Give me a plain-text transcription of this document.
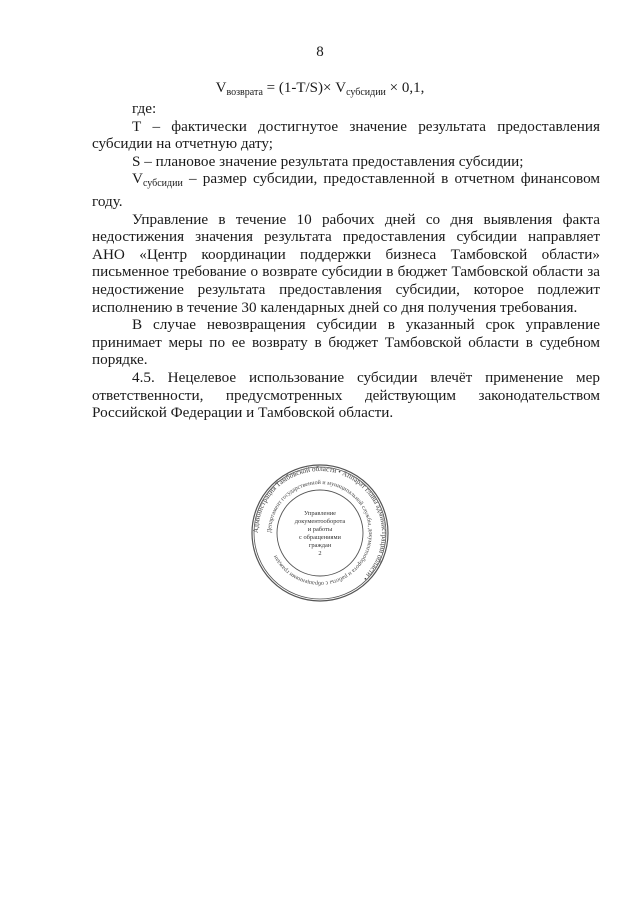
8
$V_{возврата} = (1-T/S)\times V_{субсидии} \times 0,1$,

где:

Т – фактически достигнутое значение результата предоставления субсидии на отчетную дату;

S – плановое значение результата предоставления субсидии;

$V_{субсидии}$ – размер субсидии, предоставленной в отчетном финансовом году.

Управление в течение 10 рабочих дней со дня выявления факта недостижения значения результата предоставления субсидии направляет АНО «Центр координации поддержки бизнеса Тамбовской области» письменное требование о возврате субсидии в бюджет Тамбовской области за недостижение результата предоставления субсидии, которое подлежит исполнению в течение 30 календарных дней со дня получения требования.

В случае невозвращения субсидии в указанный срок управление принимает меры по ее возврату в бюджет Тамбовской области в судебном порядке.

4.5. Нецелевое использование субсидии влечёт применение мер ответственности, предусмотренных действующим законодательством Российской Федерации и Тамбовской области.

Администрация Тамбовской области • Аппарат главы администрации области •
Департамент государственной и муниципальной службы, документооборота и работы с обращениями граждан
Управление
документооборота
и работы
с обращениями
граждан
2
